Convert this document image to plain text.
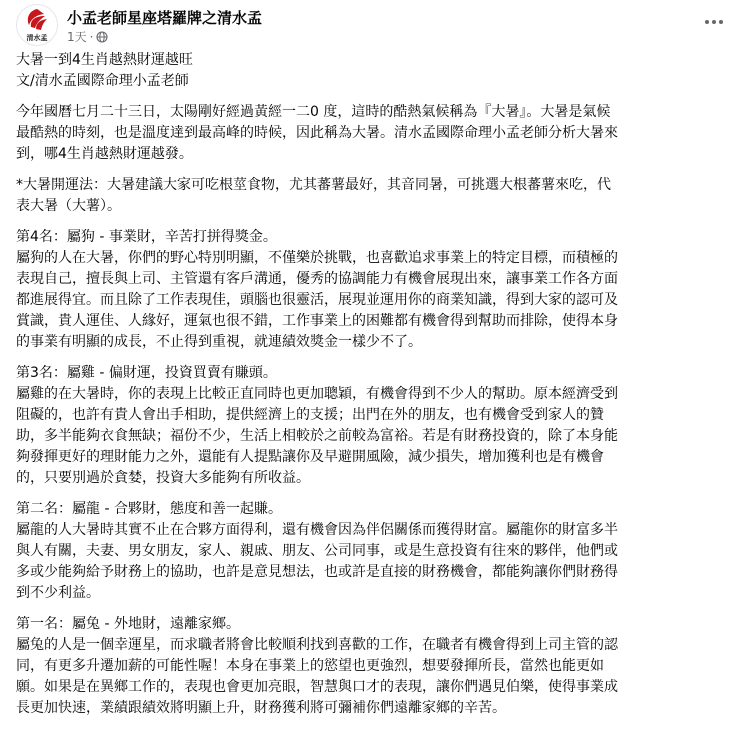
清水孟
小孟老師星座塔羅牌之清水孟
1天 ·
大暑一到4生肖越熱財運越旺
文/清水孟國際命理小孟老師
今年國曆七月二十三日，太陽剛好經過黃經一二0 度，這時的酷熱氣候稱為『大暑』。大暑是氣候
最酷熱的時刻，也是溫度達到最高峰的時候，因此稱為大暑。清水孟國際命理小孟老師分析大暑來
到，哪4生肖越熱財運越發。
*大暑開運法：大暑建議大家可吃根莖食物，尤其蕃薯最好，其音同暑，可挑選大根蕃薯來吃，代
表大暑（大薯）。
第4名：屬狗 - 事業財，辛苦打拼得獎金。
屬狗的人在大暑，你們的野心特別明顯，不僅樂於挑戰，也喜歡追求事業上的特定目標，而積極的
表現自己，擅長與上司、主管還有客戶溝通，優秀的協調能力有機會展現出來，讓事業工作各方面
都進展得宜。而且除了工作表現佳，頭腦也很靈活，展現並運用你的商業知識，得到大家的認可及
賞識，貴人運佳、人緣好，運氣也很不錯，工作事業上的困難都有機會得到幫助而排除，使得本身
的事業有明顯的成長，不止得到重視，就連績效獎金一樣少不了。
第3名：屬雞 - 偏財運，投資買賣有賺頭。
屬雞的在大暑時，你的表現上比較正直同時也更加聰穎，有機會得到不少人的幫助。原本經濟受到
阻礙的，也許有貴人會出手相助，提供經濟上的支援；出門在外的朋友，也有機會受到家人的贊
助，多半能夠衣食無缺；福份不少，生活上相較於之前較為富裕。若是有財務投資的，除了本身能
夠發揮更好的理財能力之外，還能有人提點讓你及早避開風險，減少損失，增加獲利也是有機會
的，只要別過於貪婪，投資大多能夠有所收益。
第二名：屬龍 - 合夥財，態度和善一起賺。
屬龍的人大暑時其實不止在合夥方面得利，還有機會因為伴侶關係而獲得財富。屬龍你的財富多半
與人有關，夫妻、男女朋友，家人、親戚、朋友、公司同事，或是生意投資有往來的夥伴，他們或
多或少能夠給予財務上的協助，也許是意見想法，也或許是直接的財務機會，都能夠讓你們財務得
到不少利益。
第一名：屬兔 - 外地財，遠離家鄉。
屬兔的人是一個幸運星，而求職者將會比較順利找到喜歡的工作，在職者有機會得到上司主管的認
同，有更多升遷加薪的可能性喔！本身在事業上的慾望也更強烈，想要發揮所長，當然也能更如
願。如果是在異鄉工作的，表現也會更加亮眼，智慧與口才的表現，讓你們遇見伯樂，使得事業成
長更加快速，業績跟績效將明顯上升，財務獲利將可彌補你們遠離家鄉的辛苦。
